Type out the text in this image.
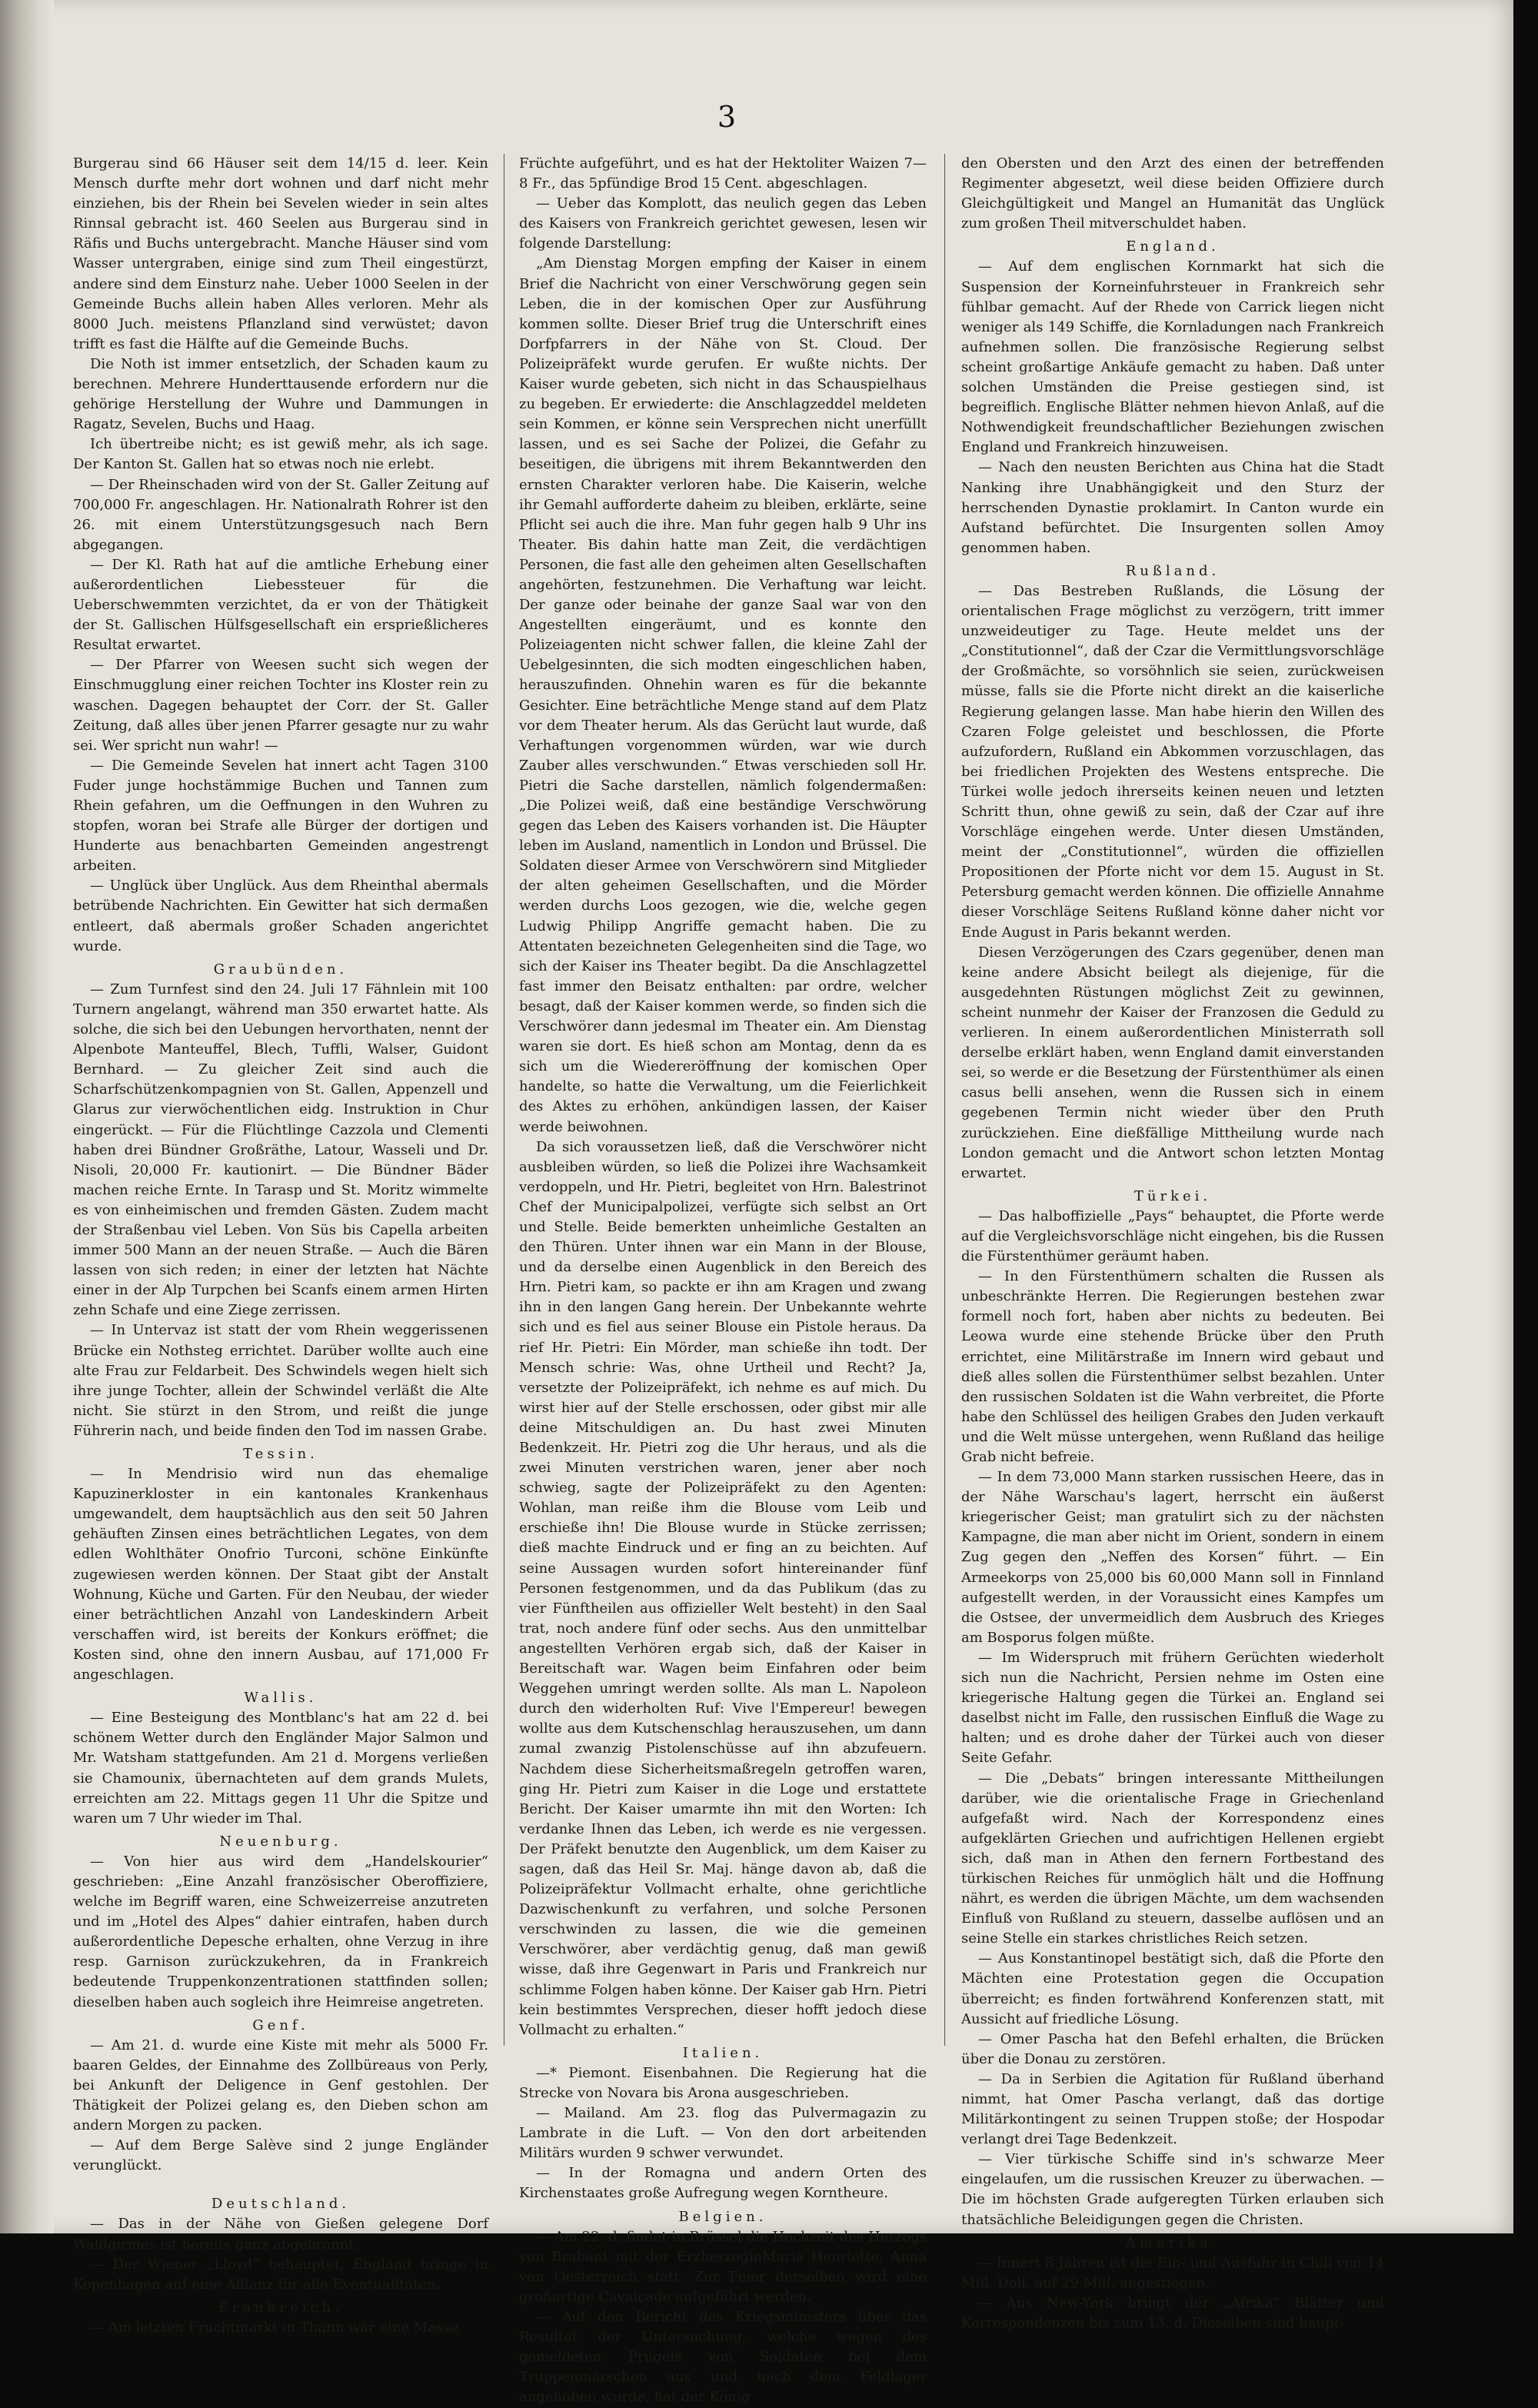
3

Burgerau sind 66 Häuser seit dem 14/15 d. leer. Kein Mensch durfte mehr dort wohnen und darf nicht mehr einziehen, bis der Rhein bei Sevelen wieder in sein altes Rinnsal gebracht ist. 460 Seelen aus Burgerau sind in Räfis und Buchs untergebracht. Manche Häuser sind vom Wasser untergraben, einige sind zum Theil eingestürzt, andere sind dem Einsturz nahe. Ueber 1000 Seelen in der Gemeinde Buchs allein haben Alles verloren. Mehr als 8000 Juch. meistens Pflanzland sind verwüstet; davon trifft es fast die Hälfte auf die Gemeinde Buchs.

Die Noth ist immer entsetzlich, der Schaden kaum zu berechnen. Mehrere Hunderttausende erfordern nur die gehörige Herstellung der Wuhre und Dammungen in Ragatz, Sevelen, Buchs und Haag.

Ich übertreibe nicht; es ist gewiß mehr, als ich sage. Der Kanton St. Gallen hat so etwas noch nie erlebt.

— Der Rheinschaden wird von der St. Galler Zeitung auf 700,000 Fr. angeschlagen. Hr. Nationalrath Rohrer ist den 26. mit einem Unterstützungsgesuch nach Bern abgegangen.

— Der Kl. Rath hat auf die amtliche Erhebung einer außerordentlichen Liebessteuer für die Ueberschwemmten verzichtet, da er von der Thätigkeit der St. Gallischen Hülfsgesellschaft ein ersprießlicheres Resultat erwartet.

— Der Pfarrer von Weesen sucht sich wegen der Einschmugglung einer reichen Tochter ins Kloster rein zu waschen. Dagegen behauptet der Corr. der St. Galler Zeitung, daß alles über jenen Pfarrer gesagte nur zu wahr sei. Wer spricht nun wahr! —

— Die Gemeinde Sevelen hat innert acht Tagen 3100 Fuder junge hochstämmige Buchen und Tannen zum Rhein gefahren, um die Oeffnungen in den Wuhren zu stopfen, woran bei Strafe alle Bürger der dortigen und Hunderte aus benachbarten Gemeinden angestrengt arbeiten.

— Unglück über Unglück. Aus dem Rheinthal abermals betrübende Nachrichten. Ein Gewitter hat sich dermaßen entleert, daß abermals großer Schaden angerichtet wurde.

Graubünden.

— Zum Turnfest sind den 24. Juli 17 Fähnlein mit 100 Turnern angelangt, während man 350 erwartet hatte. Als solche, die sich bei den Uebungen hervorthaten, nennt der Alpenbote Manteuffel, Blech, Tuffli, Walser, Guidont Bernhard. — Zu gleicher Zeit sind auch die Scharfschützenkompagnien von St. Gallen, Appenzell und Glarus zur vierwöchentlichen eidg. Instruktion in Chur eingerückt. — Für die Flüchtlinge Cazzola und Clementi haben drei Bündner Großräthe, Latour, Wasseli und Dr. Nisoli, 20,000 Fr. kautionirt. — Die Bündner Bäder machen reiche Ernte. In Tarasp und St. Moritz wimmelte es von einheimischen und fremden Gästen. Zudem macht der Straßenbau viel Leben. Von Süs bis Capella arbeiten immer 500 Mann an der neuen Straße. — Auch die Bären lassen von sich reden; in einer der letzten hat Nächte einer in der Alp Turpchen bei Scanfs einem armen Hirten zehn Schafe und eine Ziege zerrissen.

— In Untervaz ist statt der vom Rhein weggerissenen Brücke ein Nothsteg errichtet. Darüber wollte auch eine alte Frau zur Feldarbeit. Des Schwindels wegen hielt sich ihre junge Tochter, allein der Schwindel verläßt die Alte nicht. Sie stürzt in den Strom, und reißt die junge Führerin nach, und beide finden den Tod im nassen Grabe.

Tessin.

— In Mendrisio wird nun das ehemalige Kapuzinerkloster in ein kantonales Krankenhaus umgewandelt, dem hauptsächlich aus den seit 50 Jahren gehäuften Zinsen eines beträchtlichen Legates, von dem edlen Wohlthäter Onofrio Turconi, schöne Einkünfte zugewiesen werden können. Der Staat gibt der Anstalt Wohnung, Küche und Garten. Für den Neubau, der wieder einer beträchtlichen Anzahl von Landeskindern Arbeit verschaffen wird, ist bereits der Konkurs eröffnet; die Kosten sind, ohne den innern Ausbau, auf 171,000 Fr angeschlagen.

Wallis.

— Eine Besteigung des Montblanc's hat am 22 d. bei schönem Wetter durch den Engländer Major Salmon und Mr. Watsham stattgefunden. Am 21 d. Morgens verließen sie Chamounix, übernachteten auf dem grands Mulets, erreichten am 22. Mittags gegen 11 Uhr die Spitze und waren um 7 Uhr wieder im Thal.

Neuenburg.

— Von hier aus wird dem „Handelskourier“ geschrieben: „Eine Anzahl französischer Oberoffiziere, welche im Begriff waren, eine Schweizerreise anzutreten und im „Hotel des Alpes“ dahier eintrafen, haben durch außerordentliche Depesche erhalten, ohne Verzug in ihre resp. Garnison zurückzukehren, da in Frankreich bedeutende Truppenkonzentrationen stattfinden sollen; dieselben haben auch sogleich ihre Heimreise angetreten.

Genf.

— Am 21. d. wurde eine Kiste mit mehr als 5000 Fr. baaren Geldes, der Einnahme des Zollbüreaus von Perly, bei Ankunft der Deligence in Genf gestohlen. Der Thätigkeit der Polizei gelang es, den Dieben schon am andern Morgen zu packen.

— Auf dem Berge Salève sind 2 junge Engländer verunglückt.

Deutschland.

— Das in der Nähe von Gießen gelegene Dorf Waldgirmes ist bereits ganz abgebrannt.

— Der Wiener „Lloyd“ behauptet, England bringe in Kopenhagen auf eine Allianz für alle Eventualitäten.

Frankreich.

— Am letzten Fruchtmarkt in Thann war eine Masse

Früchte aufgeführt, und es hat der Hektoliter Waizen 7—8 Fr., das 5pfündige Brod 15 Cent. abgeschlagen.

— Ueber das Komplott, das neulich gegen das Leben des Kaisers von Frankreich gerichtet gewesen, lesen wir folgende Darstellung:

„Am Dienstag Morgen empfing der Kaiser in einem Brief die Nachricht von einer Verschwörung gegen sein Leben, die in der komischen Oper zur Ausführung kommen sollte. Dieser Brief trug die Unterschrift eines Dorfpfarrers in der Nähe von St. Cloud. Der Polizeipräfekt wurde gerufen. Er wußte nichts. Der Kaiser wurde gebeten, sich nicht in das Schauspielhaus zu begeben. Er erwiederte: die Anschlagzeddel meldeten sein Kommen, er könne sein Versprechen nicht unerfüllt lassen, und es sei Sache der Polizei, die Gefahr zu beseitigen, die übrigens mit ihrem Bekanntwerden den ernsten Charakter verloren habe. Die Kaiserin, welche ihr Gemahl aufforderte daheim zu bleiben, erklärte, seine Pflicht sei auch die ihre. Man fuhr gegen halb 9 Uhr ins Theater. Bis dahin hatte man Zeit, die verdächtigen Personen, die fast alle den geheimen alten Gesellschaften angehörten, festzunehmen. Die Verhaftung war leicht. Der ganze oder beinahe der ganze Saal war von den Angestellten eingeräumt, und es konnte den Polizeiagenten nicht schwer fallen, die kleine Zahl der Uebelgesinnten, die sich modten eingeschlichen haben, herauszufinden. Ohnehin waren es für die bekannte Gesichter. Eine beträchtliche Menge stand auf dem Platz vor dem Theater herum. Als das Gerücht laut wurde, daß Verhaftungen vorgenommen würden, war wie durch Zauber alles verschwunden.“ Etwas verschieden soll Hr. Pietri die Sache darstellen, nämlich folgendermaßen: „Die Polizei weiß, daß eine beständige Verschwörung gegen das Leben des Kaisers vorhanden ist. Die Häupter leben im Ausland, namentlich in London und Brüssel. Die Soldaten dieser Armee von Verschwörern sind Mitglieder der alten geheimen Gesellschaften, und die Mörder werden durchs Loos gezogen, wie die, welche gegen Ludwig Philipp Angriffe gemacht haben. Die zu Attentaten bezeichneten Gelegenheiten sind die Tage, wo sich der Kaiser ins Theater begibt. Da die Anschlagzettel fast immer den Beisatz enthalten: par ordre, welcher besagt, daß der Kaiser kommen werde, so finden sich die Verschwörer dann jedesmal im Theater ein. Am Dienstag waren sie dort. Es hieß schon am Montag, denn da es sich um die Wiedereröffnung der komischen Oper handelte, so hatte die Verwaltung, um die Feierlichkeit des Aktes zu erhöhen, ankündigen lassen, der Kaiser werde beiwohnen.

Da sich voraussetzen ließ, daß die Verschwörer nicht ausbleiben würden, so ließ die Polizei ihre Wachsamkeit verdoppeln, und Hr. Pietri, begleitet von Hrn. Balestrinot Chef der Municipalpolizei, verfügte sich selbst an Ort und Stelle. Beide bemerkten unheimliche Gestalten an den Thüren. Unter ihnen war ein Mann in der Blouse, und da derselbe einen Augenblick in den Bereich des Hrn. Pietri kam, so packte er ihn am Kragen und zwang ihn in den langen Gang herein. Der Unbekannte wehrte sich und es fiel aus seiner Blouse ein Pistole heraus. Da rief Hr. Pietri: Ein Mörder, man schieße ihn todt. Der Mensch schrie: Was, ohne Urtheil und Recht? Ja, versetzte der Polizeipräfekt, ich nehme es auf mich. Du wirst hier auf der Stelle erschossen, oder gibst mir alle deine Mitschuldigen an. Du hast zwei Minuten Bedenkzeit. Hr. Pietri zog die Uhr heraus, und als die zwei Minuten verstrichen waren, jener aber noch schwieg, sagte der Polizeipräfekt zu den Agenten: Wohlan, man reiße ihm die Blouse vom Leib und erschieße ihn! Die Blouse wurde in Stücke zerrissen; dieß machte Eindruck und er fing an zu beichten. Auf seine Aussagen wurden sofort hintereinander fünf Personen festgenommen, und da das Publikum (das zu vier Fünftheilen aus offizieller Welt besteht) in den Saal trat, noch andere fünf oder sechs. Aus den unmittelbar angestellten Verhören ergab sich, daß der Kaiser in Bereitschaft war. Wagen beim Einfahren oder beim Weggehen umringt werden sollte. Als man L. Napoleon durch den widerholten Ruf: Vive l'Empereur! bewegen wollte aus dem Kutschenschlag herauszusehen, um dann zumal zwanzig Pistolenschüsse auf ihn abzufeuern. Nachdem diese Sicherheitsmaßregeln getroffen waren, ging Hr. Pietri zum Kaiser in die Loge und erstattete Bericht. Der Kaiser umarmte ihn mit den Worten: Ich verdanke Ihnen das Leben, ich werde es nie vergessen. Der Präfekt benutzte den Augenblick, um dem Kaiser zu sagen, daß das Heil Sr. Maj. hänge davon ab, daß die Polizeipräfektur Vollmacht erhalte, ohne gerichtliche Dazwischenkunft zu verfahren, und solche Personen verschwinden zu lassen, die wie die gemeinen Verschwörer, aber verdächtig genug, daß man gewiß wisse, daß ihre Gegenwart in Paris und Frankreich nur schlimme Folgen haben könne. Der Kaiser gab Hrn. Pietri kein bestimmtes Versprechen, dieser hofft jedoch diese Vollmacht zu erhalten.“

Italien.

—* Piemont. Eisenbahnen. Die Regierung hat die Strecke von Novara bis Arona ausgeschrieben.

— Mailand. Am 23. flog das Pulvermagazin zu Lambrate in die Luft. — Von den dort arbeitenden Militärs wurden 9 schwer verwundet.

— In der Romagna und andern Orten des Kirchenstaates große Aufregung wegen Korntheure.

Belgien.

— Am 22. d. findet in Brüssel die Hochzeit des Herzogs von Brabant mit der ErzherzoginMaria Henriette, Anna von Oesterreich statt. Zur Feier derselben wird eine großartige Cavalcade aufgeführt werden.

— Auf den Bericht des Kriegsministers über das Resultat der Untersuchung, welche wegen des gemeldeten Prügels von Soldaten bei dem Truppenmärschen aus und nach dem Feldlager angehoben wurde, hat der König

den Obersten und den Arzt des einen der betreffenden Regimenter abgesetzt, weil diese beiden Offiziere durch Gleichgültigkeit und Mangel an Humanität das Unglück zum großen Theil mitverschuldet haben.

England.

— Auf dem englischen Kornmarkt hat sich die Suspension der Korneinfuhrsteuer in Frankreich sehr fühlbar gemacht. Auf der Rhede von Carrick liegen nicht weniger als 149 Schiffe, die Kornladungen nach Frankreich aufnehmen sollen. Die französische Regierung selbst scheint großartige Ankäufe gemacht zu haben. Daß unter solchen Umständen die Preise gestiegen sind, ist begreiflich. Englische Blätter nehmen hievon Anlaß, auf die Nothwendigkeit freundschaftlicher Beziehungen zwischen England und Frankreich hinzuweisen.

— Nach den neusten Berichten aus China hat die Stadt Nanking ihre Unabhängigkeit und den Sturz der herrschenden Dynastie proklamirt. In Canton wurde ein Aufstand befürchtet. Die Insurgenten sollen Amoy genommen haben.

Rußland.

— Das Bestreben Rußlands, die Lösung der orientalischen Frage möglichst zu verzögern, tritt immer unzweideutiger zu Tage. Heute meldet uns der „Constitutionnel“, daß der Czar die Vermittlungsvorschläge der Großmächte, so vorsöhnlich sie seien, zurückweisen müsse, falls sie die Pforte nicht direkt an die kaiserliche Regierung gelangen lasse. Man habe hierin den Willen des Czaren Folge geleistet und beschlossen, die Pforte aufzufordern, Rußland ein Abkommen vorzuschlagen, das bei friedlichen Projekten des Westens entspreche. Die Türkei wolle jedoch ihrerseits keinen neuen und letzten Schritt thun, ohne gewiß zu sein, daß der Czar auf ihre Vorschläge eingehen werde. Unter diesen Umständen, meint der „Constitutionnel“, würden die offiziellen Propositionen der Pforte nicht vor dem 15. August in St. Petersburg gemacht werden können. Die offizielle Annahme dieser Vorschläge Seitens Rußland könne daher nicht vor Ende August in Paris bekannt werden.

Diesen Verzögerungen des Czars gegenüber, denen man keine andere Absicht beilegt als diejenige, für die ausgedehnten Rüstungen möglichst Zeit zu gewinnen, scheint nunmehr der Kaiser der Franzosen die Geduld zu verlieren. In einem außerordentlichen Ministerrath soll derselbe erklärt haben, wenn England damit einverstanden sei, so werde er die Besetzung der Fürstenthümer als einen casus belli ansehen, wenn die Russen sich in einem gegebenen Termin nicht wieder über den Pruth zurückziehen. Eine dießfällige Mittheilung wurde nach London gemacht und die Antwort schon letzten Montag erwartet.

Türkei.

— Das halboffizielle „Pays“ behauptet, die Pforte werde auf die Vergleichsvorschläge nicht eingehen, bis die Russen die Fürstenthümer geräumt haben.

— In den Fürstenthümern schalten die Russen als unbeschränkte Herren. Die Regierungen bestehen zwar formell noch fort, haben aber nichts zu bedeuten. Bei Leowa wurde eine stehende Brücke über den Pruth errichtet, eine Militärstraße im Innern wird gebaut und dieß alles sollen die Fürstenthümer selbst bezahlen. Unter den russischen Soldaten ist die Wahn verbreitet, die Pforte habe den Schlüssel des heiligen Grabes den Juden verkauft und die Welt müsse untergehen, wenn Rußland das heilige Grab nicht befreie.

— In dem 73,000 Mann starken russischen Heere, das in der Nähe Warschau's lagert, herrscht ein äußerst kriegerischer Geist; man gratulirt sich zu der nächsten Kampagne, die man aber nicht im Orient, sondern in einem Zug gegen den „Neffen des Korsen“ führt. — Ein Armeekorps von 25,000 bis 60,000 Mann soll in Finnland aufgestellt werden, in der Voraussicht eines Kampfes um die Ostsee, der unvermeidlich dem Ausbruch des Krieges am Bosporus folgen müßte.

— Im Widerspruch mit frühern Gerüchten wiederholt sich nun die Nachricht, Persien nehme im Osten eine kriegerische Haltung gegen die Türkei an. England sei daselbst nicht im Falle, den russischen Einfluß die Wage zu halten; und es drohe daher der Türkei auch von dieser Seite Gefahr.

— Die „Debats“ bringen interessante Mittheilungen darüber, wie die orientalische Frage in Griechenland aufgefaßt wird. Nach der Korrespondenz eines aufgeklärten Griechen und aufrichtigen Hellenen ergiebt sich, daß man in Athen den fernern Fortbestand des türkischen Reiches für unmöglich hält und die Hoffnung nährt, es werden die übrigen Mächte, um dem wachsenden Einfluß von Rußland zu steuern, dasselbe auflösen und an seine Stelle ein starkes christliches Reich setzen.

— Aus Konstantinopel bestätigt sich, daß die Pforte den Mächten eine Protestation gegen die Occupation überreicht; es finden fortwährend Konferenzen statt, mit Aussicht auf friedliche Lösung.

— Omer Pascha hat den Befehl erhalten, die Brücken über die Donau zu zerstören.

— Da in Serbien die Agitation für Rußland überhand nimmt, hat Omer Pascha verlangt, daß das dortige Militärkontingent zu seinen Truppen stoße; der Hospodar verlangt drei Tage Bedenkzeit.

— Vier türkische Schiffe sind in's schwarze Meer eingelaufen, um die russischen Kreuzer zu überwachen. — Die im höchsten Grade aufgeregten Türken erlauben sich thatsächliche Beleidigungen gegen die Christen.

Amerika.

— Innert 8 Jahren ist die Ein- und Ausfuhr in Chili von 14 Mill. Doll. auf 29 Mill. angestiegen.

— Aus New-York bringt der „Afrika“ Blätter und Korrespondenzen bis zum 13. d. Dieselben sind haupt-
